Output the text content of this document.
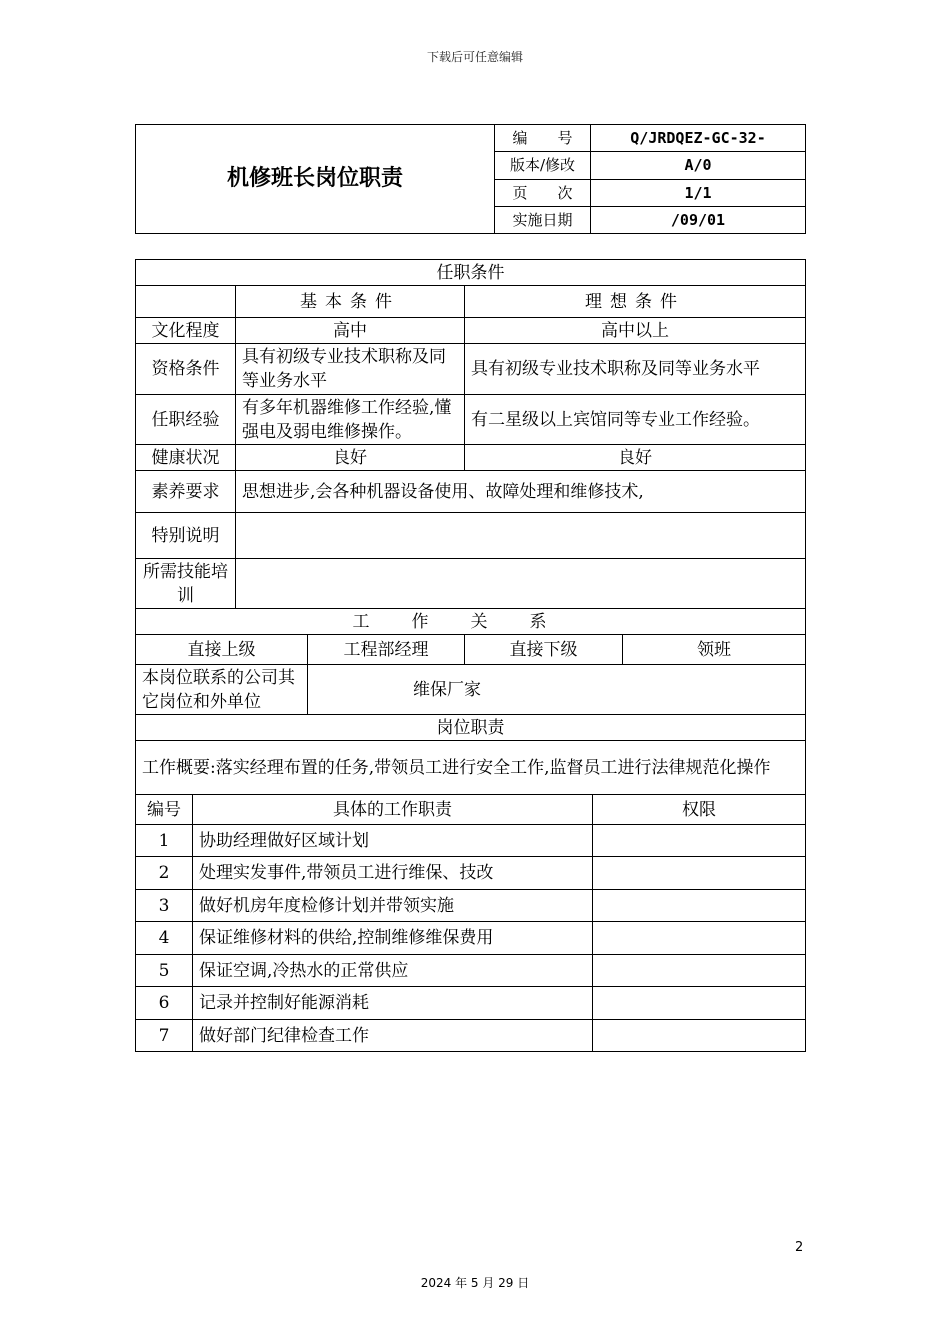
下载后可任意编辑
机修班长岗位职责	编　　号	Q/JRDQEZ-GC-32-
	版本/修改	A/0
	页　　次	1/1
	实施日期	/09/01
任职条件						
		基本条件		理想条件		
文化程度		高中		高中以上		
资格条件		具有初级专业技术职称及同等业务水平		具有初级专业技术职称及同等业务水平		
任职经验		有多年机器维修工作经验,懂强电及弱电维修操作。		有二星级以上宾馆同等专业工作经验。		
健康状况		良好		良好		
素养要求		思想进步,会各种机器设备使用、故障处理和维修技术,				
特别说明						
所需技能培训						
工作关系						
直接上级			工程部经理	直接下级		领班
本岗位联系的公司其它岗位和外单位			维保厂家			
岗位职责						
工作概要:落实经理布置的任务,带领员工进行安全工作,监督员工进行法律规范化操作						
编号	具体的工作职责				权限	
1	协助经理做好区域计划					
2	处理实发事件,带领员工进行维保、技改					
3	做好机房年度检修计划并带领实施					
4	保证维修材料的供给,控制维修维保费用					
5	保证空调,冷热水的正常供应					
6	记录并控制好能源消耗					
7	做好部门纪律检查工作					
2
2024 年 5 月 29 日
